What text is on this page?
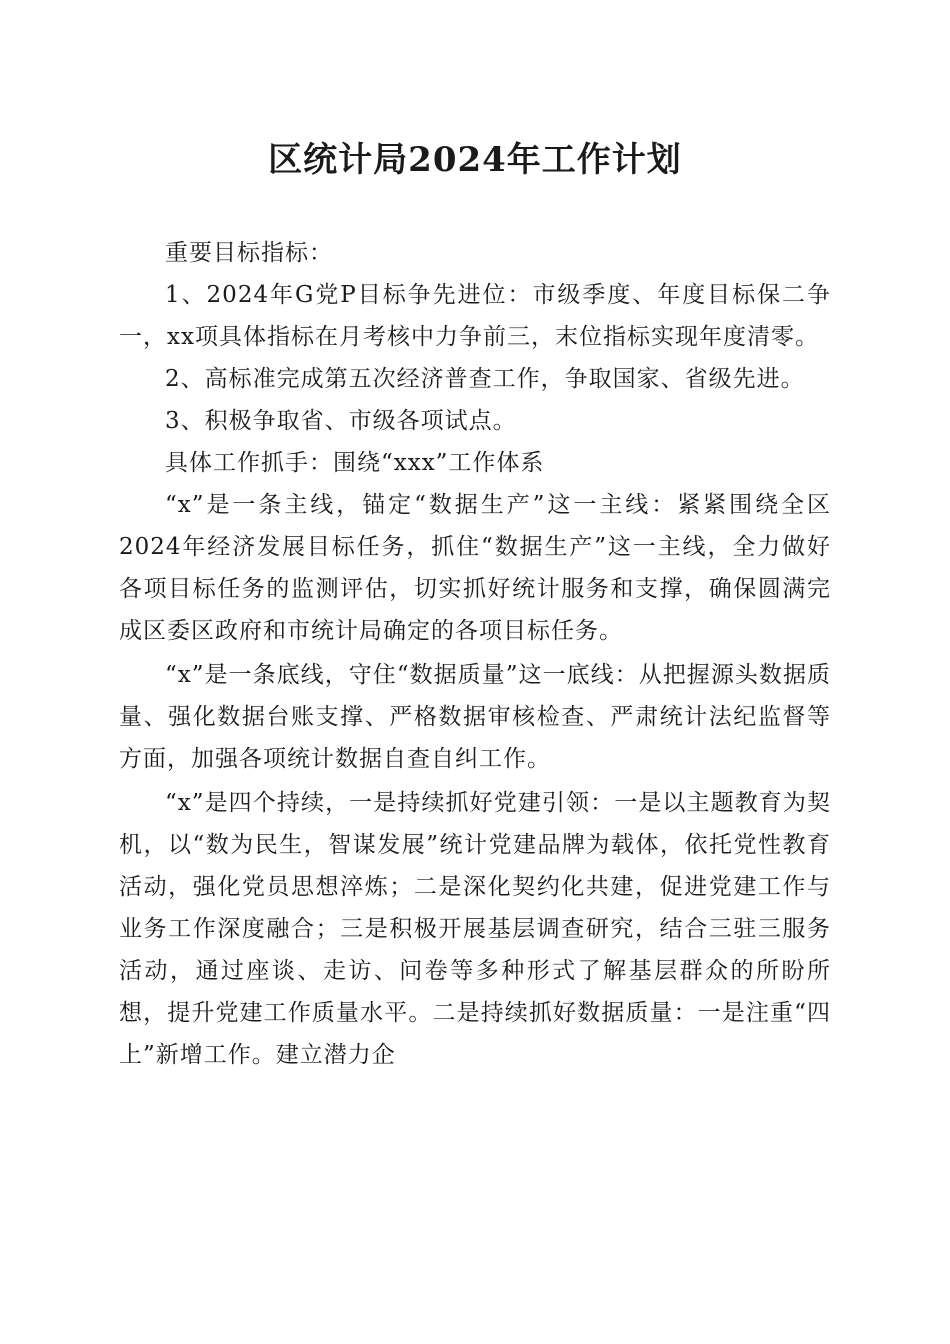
区统计局2024年工作计划

重要目标指标：

1、2024年G党P目标争先进位：市级季度、年度目标保二争一，xx项具体指标在月考核中力争前三，末位指标实现年度清零。

2、高标准完成第五次经济普查工作，争取国家、省级先进。

3、积极争取省、市级各项试点。

具体工作抓手：围绕“xxx”工作体系

“x”是一条主线，锚定“数据生产”这一主线：紧紧围绕全区2024年经济发展目标任务，抓住“数据生产”这一主线，全力做好各项目标任务的监测评估，切实抓好统计服务和支撑，确保圆满完成区委区政府和市统计局确定的各项目标任务。

“x”是一条底线，守住“数据质量”这一底线：从把握源头数据质量、强化数据台账支撑、严格数据审核检查、严肃统计法纪监督等方面，加强各项统计数据自查自纠工作。

“x”是四个持续，一是持续抓好党建引领：一是以主题教育为契机，以“数为民生，智谋发展”统计党建品牌为载体，依托党性教育活动，强化党员思想淬炼；二是深化契约化共建，促进党建工作与业务工作深度融合；三是积极开展基层调查研究，结合三驻三服务活动，通过座谈、走访、问卷等多种形式了解基层群众的所盼所想，提升党建工作质量水平。二是持续抓好数据质量：一是注重“四上”新增工作。建立潜力企
